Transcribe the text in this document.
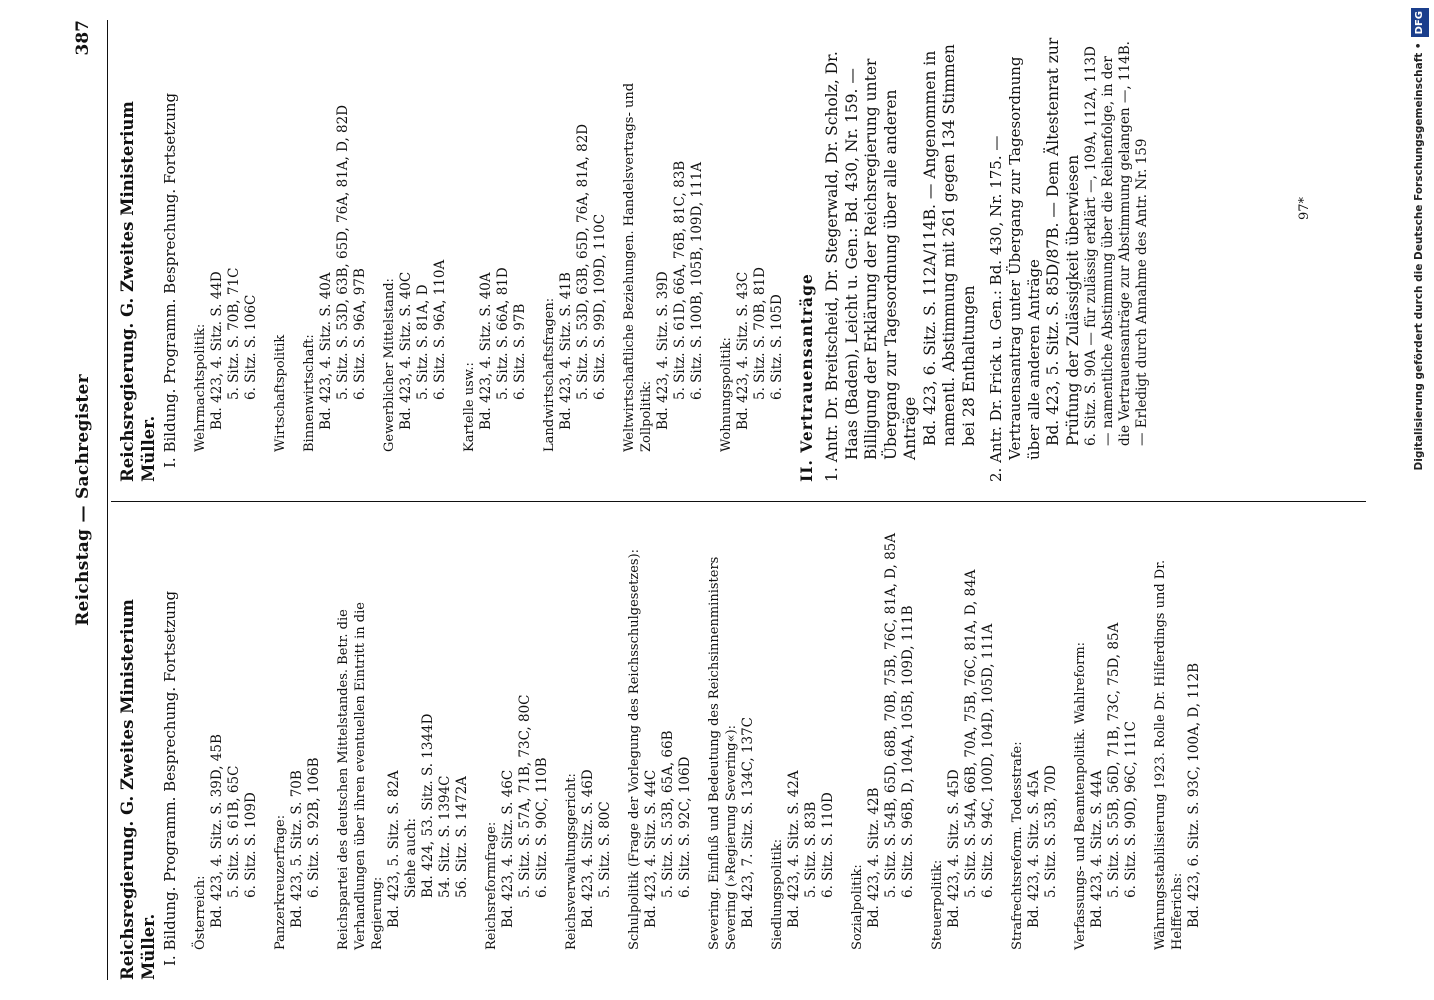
Reichstag — Sachregister
387
Reichsregierung. G. Zweites Ministerium Müller. I. Bildung. Programm. Besprechung. Fortsetzung Österreich: Bd. 423, 4. Sitz. S. 39D, 45B 5. Sitz. S. 61B, 65C 6. Sitz. S. 109D Panzerkreuzerfrage: Bd. 423, 5. Sitz. S. 70B 6. Sitz. S. 92B, 106B Reichspartei des deutschen Mittelstandes. Betr. die Verhandlungen über ihren eventuellen Eintritt in die Regierung: Bd. 423, 5. Sitz. S. 82A Siehe auch: Bd. 424, 53. Sitz. S. 1344D 54. Sitz. S. 1394C 56. Sitz. S. 1472A Reichsreformfrage: Bd. 423, 4. Sitz. S. 46C 5. Sitz. S. 57A, 71B, 73C, 80C 6. Sitz. S. 90C, 110B Reichsverwaltungsgericht: Bd. 423, 4. Sitz. S. 46D 5. Sitz. S. 80C Schulpolitik (Frage der Vorlegung des Reichsschulgesetzes): Bd. 423, 4. Sitz. S. 44C 5. Sitz. S. 53B, 65A, 66B 6. Sitz. S. 92C, 106D Severing. Einfluß und Bedeutung des Reichsinnenministers Severing (»Regierung Severing«): Bd. 423, 7. Sitz. S. 134C, 137C Siedlungspolitik: Bd. 423, 4. Sitz. S. 42A 5. Sitz. S. 83B 6. Sitz. S. 110D
Sozialpolitik: Bd. 423, 4. Sitz. 42B 5. Sitz. S. 54B, 65D, 68B, 70B, 75B, 76C, 81A, D, 85A 6. Sitz. S. 96B, D, 104A, 105B, 109D, 111B
Steuerpolitik: Bd. 423, 4. Sitz. S. 45D 5. Sitz. S. 54A, 66B, 70A, 75B, 76C, 81A, D, 84A 6. Sitz. S. 94C, 100D, 104D, 105D, 111A Strafrechtsreform. Todesstrafe: Bd. 423, 4. Sitz. S. 45A 5. Sitz. S. 53B, 70D Verfassungs- und Beamtenpolitik. Wahlreform: Bd. 423, 4. Sitz. S. 44A 5. Sitz. S. 55B, 56D, 71B, 73C, 75D, 85A 6. Sitz. S. 90D, 96C, 111C Währungsstabilisierung 1923. Rolle Dr. Hilferdings und Dr. Helfferichs: Bd. 423, 6. Sitz. S. 93C, 100A, D, 112B
Reichsregierung. G. Zweites Ministerium Müller. I. Bildung. Programm. Besprechung. Fortsetzung Wehrmachtspolitik: Bd. 423, 4. Sitz. S. 44D 5. Sitz. S. 70B, 71C 6. Sitz. S. 106C Wirtschaftspolitik Binnenwirtschaft: Bd. 423, 4. Sitz. S. 40A 5. Sitz. S. 53D, 63B, 65D, 76A, 81A, D, 82D 6. Sitz. S. 96A, 97B Gewerblicher Mittelstand: Bd. 423, 4. Sitz. S. 40C 5. Sitz. S. 81A, D 6. Sitz. S. 96A, 110A
Kartelle usw.: Bd. 423, 4. Sitz. S. 40A 5. Sitz. S. 66A, 81D 6. Sitz. S. 97B Landwirtschaftsfragen: Bd. 423, 4. Sitz. S. 41B 5. Sitz. S. 53D, 63B, 65D, 76A, 81A, 82D 6. Sitz. S. 99D, 109D, 110C Weltwirtschaftliche Beziehungen. Handelsvertrags- und Zollpolitik: Bd. 423, 4. Sitz. S. 39D 5. Sitz. S. 61D, 66A, 76B, 81C, 83B 6. Sitz. S. 100B, 105B, 109D, 111A Wohnungspolitik: Bd. 423, 4. Sitz. S. 43C 5. Sitz. S. 70B, 81D 6. Sitz. S. 105D II. Vertrauensanträge 1. Antr. Dr. Breitscheid, Dr. Stegerwald, Dr. Scholz, Dr. Haas (Baden), Leicht u. Gen.: Bd. 430, Nr. 159. — Billigung der Erklärung der Reichsregierung unter Übergang zur Tagesordnung über alle anderen Anträge Bd. 423, 6. Sitz. S. 112A/114B. — Angenommen in namentl. Abstimmung mit 261 gegen 134 Stimmen bei 28 Enthaltungen 2. Antr. Dr. Frick u. Gen.: Bd. 430, Nr. 175. — Vertrauensantrag unter Übergang zur Tagesordnung über alle anderen Anträge Bd. 423, 5. Sitz. S. 85D/87B. — Dem Ältestenrat zur Prüfung der Zulässigkeit überwiesen 6. Sitz. S. 90A — für zulässig erklärt —, 109A, 112A, 113D — namentliche Abstimmung über die Reihenfolge, in der die Vertrauensanträge zur Abstimmung gelangen —, 114B. — Erledigt durch Annahme des Antr. Nr. 159	97*	Digitalisierung gefördert durch die Deutsche Forschungsgemeinschaft •DFG
